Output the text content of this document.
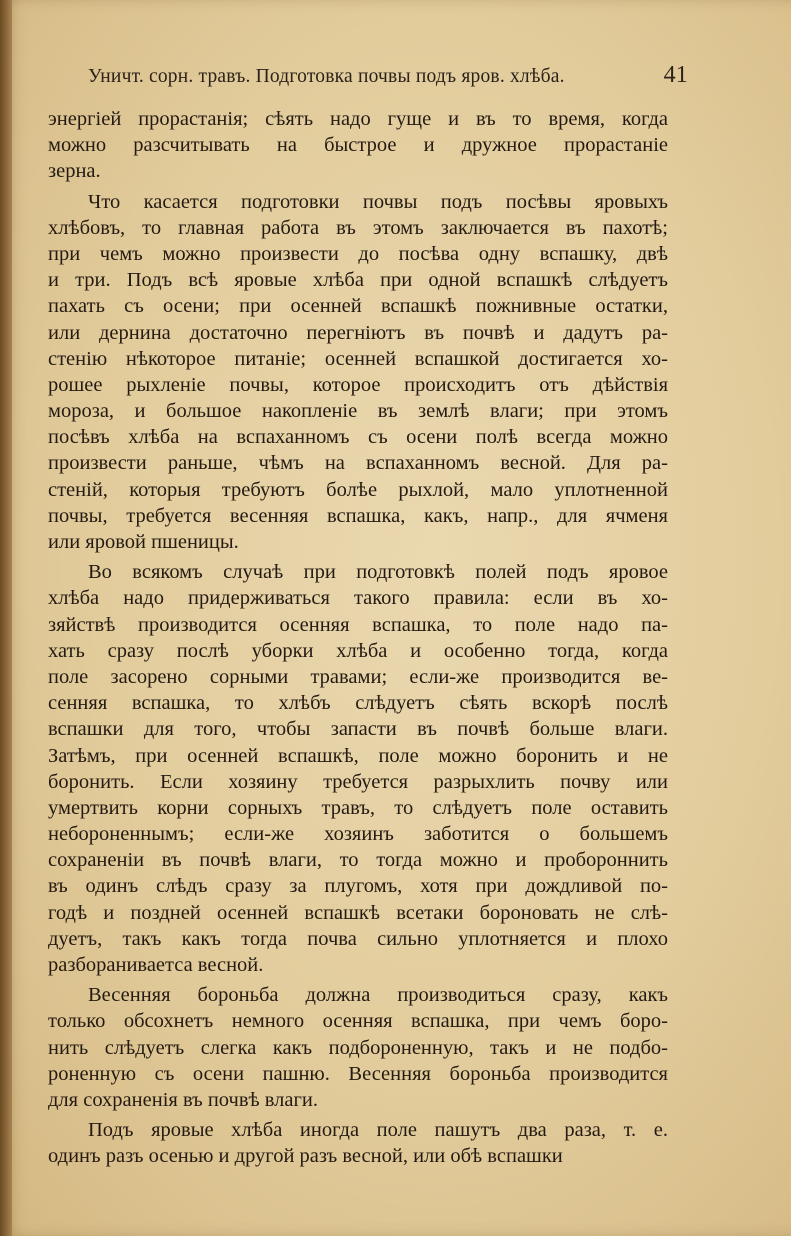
Уничт. сорн. травъ. Подготовка почвы подъ яров. хлѣба.	41
энергіей прорастанія; сѣять надо гуще и въ то время, когда
можно разсчитывать на быстрое и дружное прорастаніе
зерна.
Что касается подготовки почвы подъ посѣвы яровыхъ
хлѣбовъ, то главная работа въ этомъ заключается въ пахотѣ;
при чемъ можно произвести до посѣва одну вспашку, двѣ
и три. Подъ всѣ яровые хлѣба при одной вспашкѣ слѣдуетъ
пахать съ осени; при осенней вспашкѣ пожнивные остатки,
или дернина достаточно перегніютъ въ почвѣ и дадутъ ра-
стенію нѣкоторое питаніе; осенней вспашкой достигается хо-
рошее рыхленіе почвы, которое происходитъ отъ дѣйствія
мороза, и большое накопленіе въ землѣ влаги; при этомъ
посѣвъ хлѣба на вспаханномъ съ осени полѣ всегда можно
произвести раньше, чѣмъ на вспаханномъ весной. Для ра-
стеній, которыя требуютъ болѣе рыхлой, мало уплотненной
почвы, требуется весенняя вспашка, какъ, напр., для ячменя
или яровой пшеницы.
Во всякомъ случаѣ при подготовкѣ полей подъ яровое
хлѣба надо придерживаться такого правила: если въ хо-
зяйствѣ производится осенняя вспашка, то поле надо па-
хать сразу послѣ уборки хлѣба и особенно тогда, когда
поле засорено сорными травами; если-же производится ве-
сенняя вспашка, то хлѣбъ слѣдуетъ сѣять вскорѣ послѣ
вспашки для того, чтобы запасти въ почвѣ больше влаги.
Затѣмъ, при осенней вспашкѣ, поле можно боронить и не
боронить. Если хозяину требуется разрыхлить почву или
умертвить корни сорныхъ травъ, то слѣдуетъ поле оставить
небороненнымъ; если-же хозяинъ заботится о большемъ
сохраненіи въ почвѣ влаги, то тогда можно и пробороннить
въ одинъ слѣдъ сразу за плугомъ, хотя при дождливой по-
годѣ и поздней осенней вспашкѣ всетаки бороновать не слѣ-
дуетъ, такъ какъ тогда почва сильно уплотняется и плохо
разбораниваетса весной.
Весенняя бороньба должна производиться сразу, какъ
только обсохнетъ немного осенняя вспашка, при чемъ боро-
нить слѣдуетъ слегка какъ подбороненную, такъ и не подбо-
роненную съ осени пашню. Весенняя бороньба производится
для сохраненія въ почвѣ влаги.
Подъ яровые хлѣба иногда поле пашутъ два раза, т. е.
одинъ разъ осенью и другой разъ весной, или обѣ вспашки
